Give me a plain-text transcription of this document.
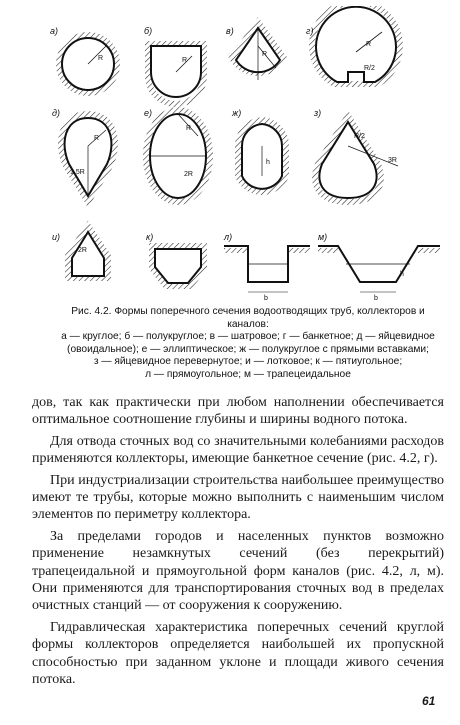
а)
R
б)
R
в)
R
г)
R
R/2
д)
R
1,5R
е)
R
2R
ж)
h
з)
R/2
3R
и)
2R
к)	л)
b
м)
b
h
Рис. 4.2. Формы поперечного сечения водоотводящих труб, коллекторов и каналов:
а — круглое; б — полукруглое; в — шатровое; г — банкетное; д — яйцевидное
(овоидальное); е — эллиптическое; ж — полукруглое с прямыми вставками;
з — яйцевидное перевернутое; и — лотковое; к — пятиугольное;
л — прямоугольное; м — трапецеидальное

дов, так как практически при любом наполнении обеспечивается оптимальное соотношение глубины и ширины водного потока.

Для отвода сточных вод со значительными колебаниями расходов применяются коллекторы, имеющие банкетное сечение (рис. 4.2, г).

При индустриализации строительства наибольшее преимущество имеют те трубы, которые можно выполнить с наименьшим числом элементов по периметру коллектора.

За пределами городов и населенных пунктов возможно применение незамкнутых сечений (без перекрытий) трапецеидальной и прямоугольной форм каналов (рис. 4.2, л, м). Они применяются для транспортирования сточных вод в пределах очистных станций — от сооружения к сооружению.

Гидравлическая характеристика поперечных сечений круглой формы коллекторов определяется наибольшей их пропускной способностью при заданном уклоне и площади живого сечения потока.

61
